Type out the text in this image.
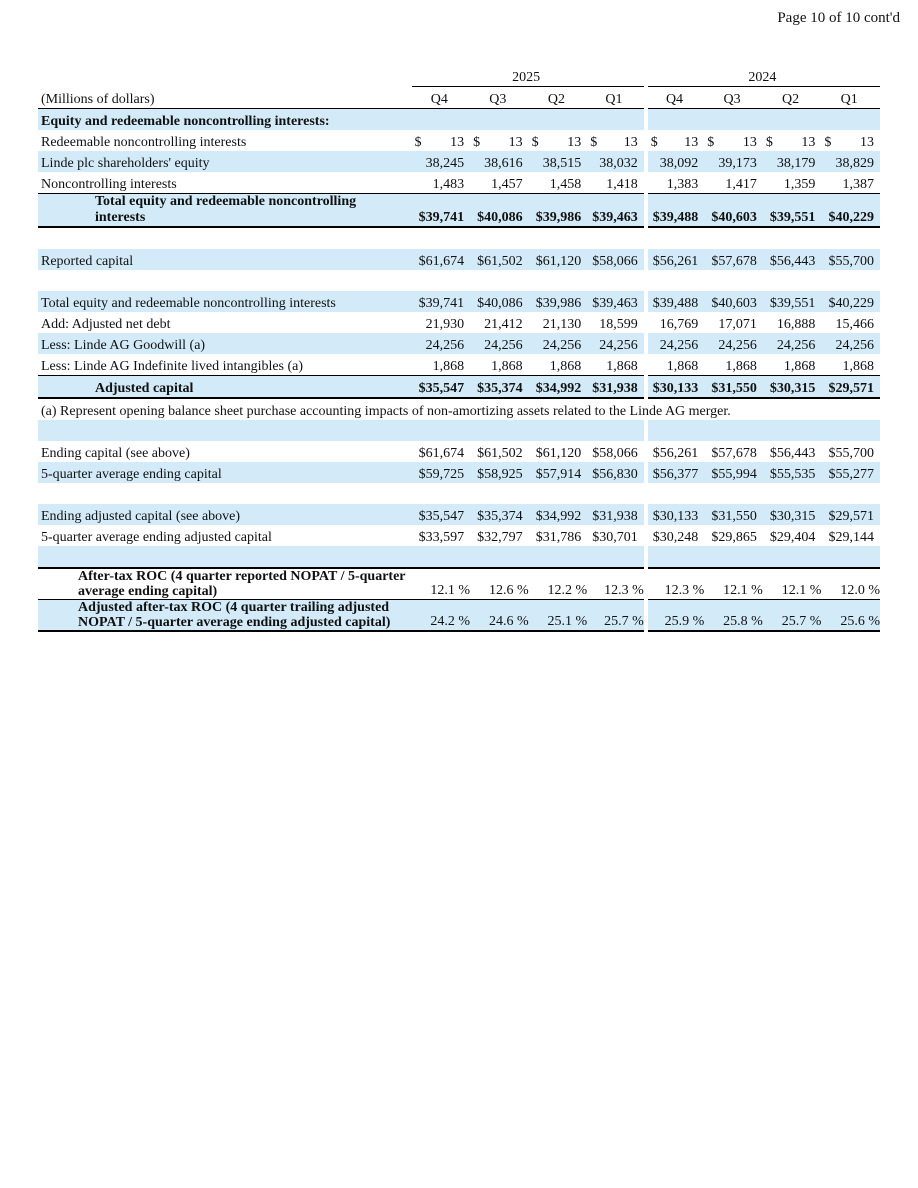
Page 10 of 10 cont'd
	2025				2024			
(Millions of dollars)	Q4	Q3	Q2	Q1	Q4	Q3	Q2	Q1
Equity and redeemable noncontrolling interests:								
Redeemable noncontrolling interests	$ 13	$ 13	$ 13	$ 13	$ 13	$ 13	$ 13	$ 13
Linde plc shareholders' equity	38,245	38,616	38,515	38,032	38,092	39,173	38,179	38,829
Noncontrolling interests	1,483	1,457	1,458	1,418	1,383	1,417	1,359	1,387
Total equity and redeemable noncontrolling interests	$39,741	$40,086	$39,986	$39,463	$39,488	$40,603	$39,551	$40,229

Reported capital	$61,674	$61,502	$61,120	$58,066	$56,261	$57,678	$56,443	$55,700

Total equity and redeemable noncontrolling interests	$39,741	$40,086	$39,986	$39,463	$39,488	$40,603	$39,551	$40,229
Add: Adjusted net debt	21,930	21,412	21,130	18,599	16,769	17,071	16,888	15,466
Less: Linde AG Goodwill (a)	24,256	24,256	24,256	24,256	24,256	24,256	24,256	24,256
Less: Linde AG Indefinite lived intangibles (a)	1,868	1,868	1,868	1,868	1,868	1,868	1,868	1,868
Adjusted capital	$35,547	$35,374	$34,992	$31,938	$30,133	$31,550	$30,315	$29,571
(a) Represent opening balance sheet purchase accounting impacts of non-amortizing assets related to the Linde AG merger.								

Ending capital (see above)	$61,674	$61,502	$61,120	$58,066	$56,261	$57,678	$56,443	$55,700
5-quarter average ending capital	$59,725	$58,925	$57,914	$56,830	$56,377	$55,994	$55,535	$55,277

Ending adjusted capital (see above)	$35,547	$35,374	$34,992	$31,938	$30,133	$31,550	$30,315	$29,571
5-quarter average ending adjusted capital	$33,597	$32,797	$31,786	$30,701	$30,248	$29,865	$29,404	$29,144

After-tax ROC (4 quarter reported NOPAT / 5-quarter average ending capital)	12.1 %	12.6 %	12.2 %	12.3 %	12.3 %	12.1 %	12.1 %	12.0 %
Adjusted after-tax ROC (4 quarter trailing adjusted NOPAT / 5-quarter average ending adjusted capital)	24.2 %	24.6 %	25.1 %	25.7 %	25.9 %	25.8 %	25.7 %	25.6 %
